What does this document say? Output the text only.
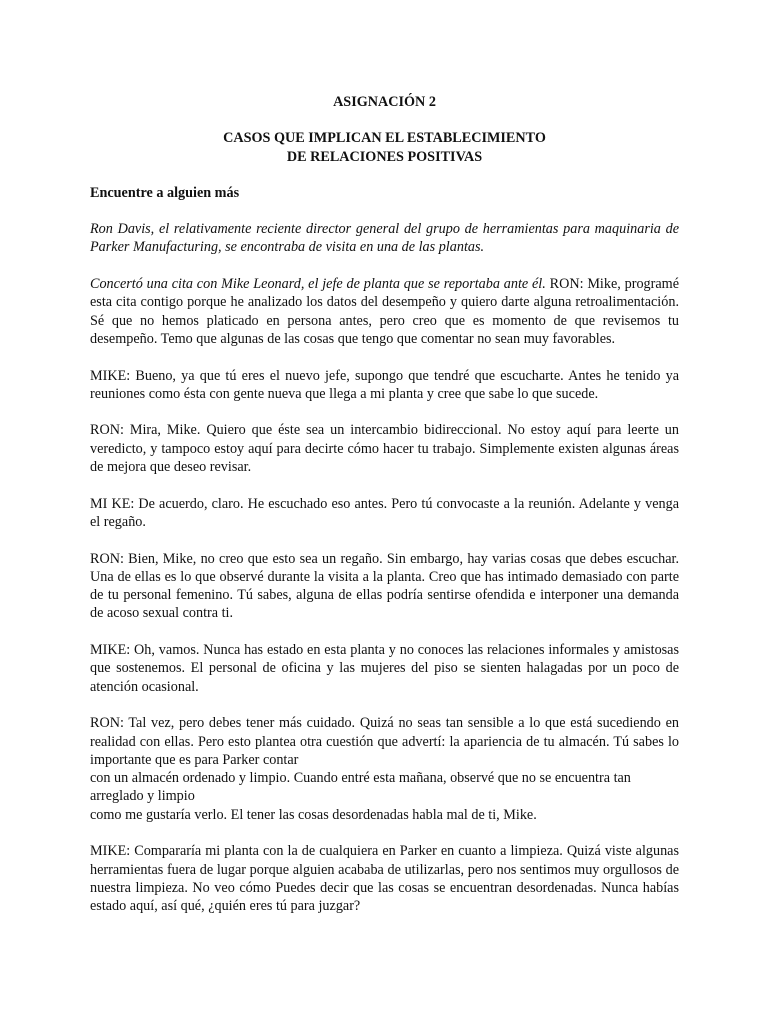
ASIGNACIÓN 2
CASOS QUE IMPLICAN EL ESTABLECIMIENTO
DE RELACIONES POSITIVAS
Encuentre a alguien más

Ron Davis, el relativamente reciente director general del grupo de herramientas para maquinaria de Parker Manufacturing, se encontraba de visita en una de las plantas.

Concertó una cita con Mike Leonard, el jefe de planta que se reportaba ante él. RON: Mike, programé esta cita contigo porque he analizado los datos del desempeño y quiero darte alguna retroalimentación. Sé que no hemos platicado en persona antes, pero creo que es momento de que revisemos tu desempeño. Temo que algunas de las cosas que tengo que comentar no sean muy favorables.

MIKE: Bueno, ya que tú eres el nuevo jefe, supongo que tendré que escucharte. Antes he tenido ya reuniones como ésta con gente nueva que llega a mi planta y cree que sabe lo que sucede.

RON: Mira, Mike. Quiero que éste sea un intercambio bidireccional. No estoy aquí para leerte un veredicto, y tampoco estoy aquí para decirte cómo hacer tu trabajo. Simplemente existen algunas áreas de mejora que deseo revisar.

MI KE: De acuerdo, claro. He escuchado eso antes. Pero tú convocaste a la reunión. Adelante y venga el regaño.

RON: Bien, Mike, no creo que esto sea un regaño. Sin embargo, hay varias cosas que debes escuchar. Una de ellas es lo que observé durante la visita a la planta. Creo que has intimado demasiado con parte de tu personal femenino. Tú sabes, alguna de ellas podría sentirse ofendida e interponer una demanda de acoso sexual contra ti.

MIKE: Oh, vamos. Nunca has estado en esta planta y no conoces las relaciones informales y amistosas que sostenemos. El personal de oficina y las mujeres del piso se sienten halagadas por un poco de atención ocasional.

RON: Tal vez, pero debes tener más cuidado. Quizá no seas tan sensible a lo que está sucediendo en realidad con ellas. Pero esto plantea otra cuestión que advertí: la apariencia de tu almacén. Tú sabes lo importante que es para Parker contar
con un almacén ordenado y limpio. Cuando entré esta mañana, observé que no se encuentra tan arreglado y limpio
como me gustaría verlo. El tener las cosas desordenadas habla mal de ti, Mike.

MIKE: Compararía mi planta con la de cualquiera en Parker en cuanto a limpieza. Quizá viste algunas herramientas fuera de lugar porque alguien acababa de utilizarlas, pero nos sentimos muy orgullosos de nuestra limpieza. No veo cómo Puedes decir que las cosas se encuentran desordenadas. Nunca habías estado aquí, así qué, ¿quién eres tú para juzgar?
